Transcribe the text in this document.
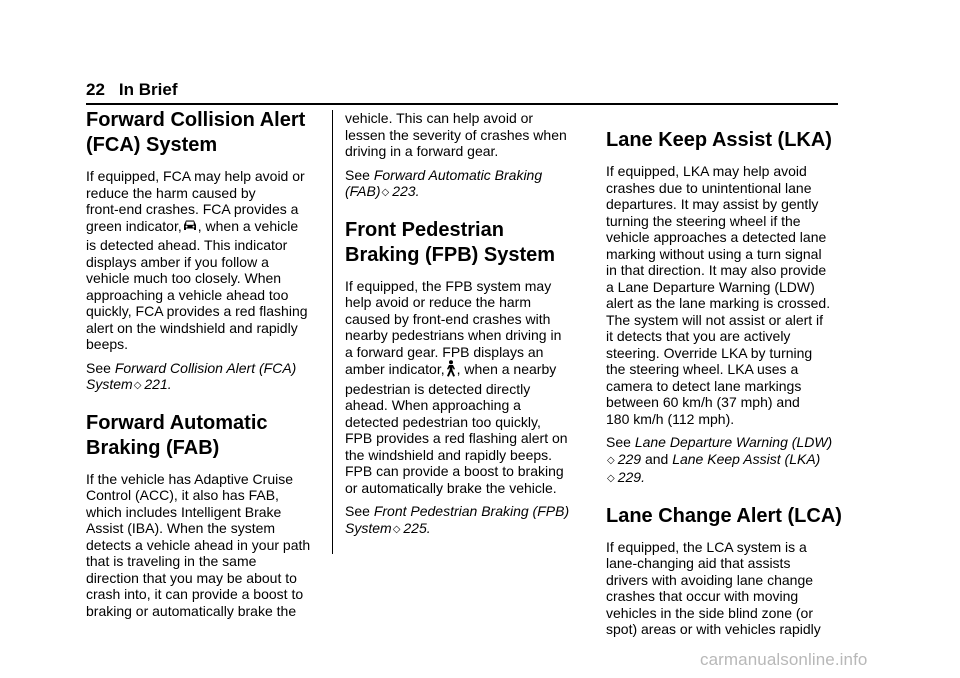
22 In Brief
Forward Collision Alert (FCA) System

If equipped, FCA may help avoid or
reduce the harm caused by
front-end crashes. FCA provides a
green indicator, , when a vehicle
is detected ahead. This indicator
displays amber if you follow a
vehicle much too closely. When
approaching a vehicle ahead too
quickly, FCA provides a red flashing
alert on the windshield and rapidly
beeps.

See Forward Collision Alert (FCA)
System◇ 221.

Forward Automatic Braking (FAB)

If the vehicle has Adaptive Cruise
Control (ACC), it also has FAB,
which includes Intelligent Brake
Assist (IBA). When the system
detects a vehicle ahead in your path
that is traveling in the same
direction that you may be about to
crash into, it can provide a boost to
braking or automatically brake the

vehicle. This can help avoid or
lessen the severity of crashes when
driving in a forward gear.

See Forward Automatic Braking
(FAB)◇ 223.

Front Pedestrian Braking (FPB) System

If equipped, the FPB system may
help avoid or reduce the harm
caused by front-end crashes with
nearby pedestrians when driving in
a forward gear. FPB displays an
amber indicator, , when a nearby
pedestrian is detected directly
ahead. When approaching a
detected pedestrian too quickly,
FPB provides a red flashing alert on
the windshield and rapidly beeps.
FPB can provide a boost to braking
or automatically brake the vehicle.

See Front Pedestrian Braking (FPB)
System◇ 225.

Lane Keep Assist (LKA)

If equipped, LKA may help avoid
crashes due to unintentional lane
departures. It may assist by gently
turning the steering wheel if the
vehicle approaches a detected lane
marking without using a turn signal
in that direction. It may also provide
a Lane Departure Warning (LDW)
alert as the lane marking is crossed.
The system will not assist or alert if
it detects that you are actively
steering. Override LKA by turning
the steering wheel. LKA uses a
camera to detect lane markings
between 60 km/h (37 mph) and
180 km/h (112 mph).

See Lane Departure Warning (LDW)
◇ 229 and Lane Keep Assist (LKA)
◇ 229.

Lane Change Alert (LCA)

If equipped, the LCA system is a
lane-changing aid that assists
drivers with avoiding lane change
crashes that occur with moving
vehicles in the side blind zone (or
spot) areas or with vehicles rapidly

carmanualsonline.info
